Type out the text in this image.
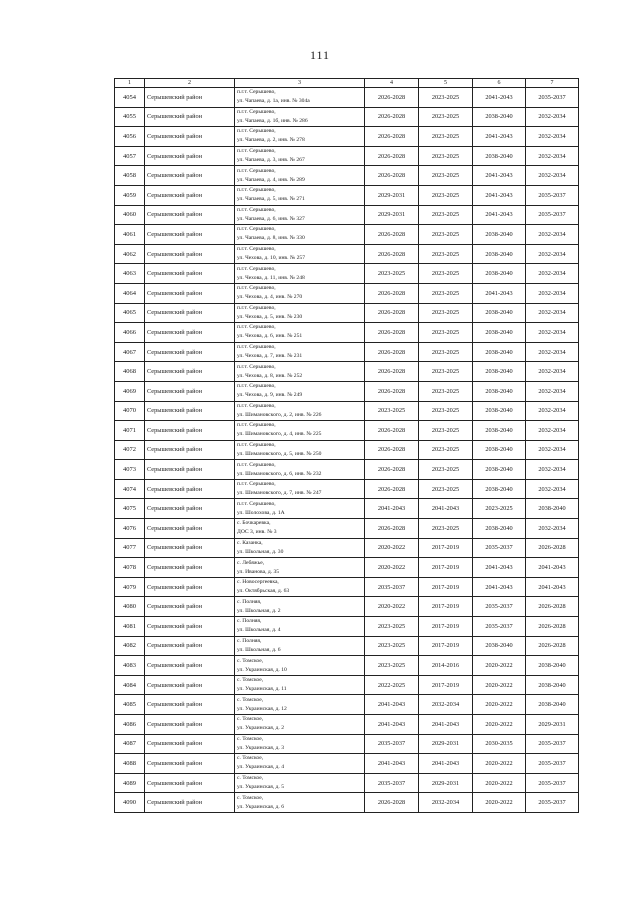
111
1	2	3	4	5	6	7
4054	Серышевский район	п.г.т. Серышево,
ул. Чапаева, д. 1а, инв. № 304а	2026-2028	2023-2025	2041-2043	2035-2037
4055	Серышевский район	п.г.т. Серышево,
ул. Чапаева, д. 1б, инв. № 286	2026-2028	2023-2025	2038-2040	2032-2034
4056	Серышевский район	п.г.т. Серышево,
ул. Чапаева, д. 2, инв. № 278	2026-2028	2023-2025	2041-2043	2032-2034
4057	Серышевский район	п.г.т. Серышево,
ул. Чапаева, д. 3, инв. № 267	2026-2028	2023-2025	2038-2040	2032-2034
4058	Серышевский район	п.г.т. Серышево,
ул. Чапаева, д. 4, инв. № 289	2026-2028	2023-2025	2041-2043	2032-2034
4059	Серышевский район	п.г.т. Серышево,
ул. Чапаева, д. 5, инв. № 271	2029-2031	2023-2025	2041-2043	2035-2037
4060	Серышевский район	п.г.т. Серышево,
ул. Чапаева, д. 6, инв. № 327	2029-2031	2023-2025	2041-2043	2035-2037
4061	Серышевский район	п.г.т. Серышево,
ул. Чапаева, д. 8, инв. № 330	2026-2028	2023-2025	2038-2040	2032-2034
4062	Серышевский район	п.г.т. Серышево,
ул. Чехова, д. 10, инв. № 257	2026-2028	2023-2025	2038-2040	2032-2034
4063	Серышевский район	п.г.т. Серышево,
ул. Чехова, д. 11, инв. № 248	2023-2025	2023-2025	2038-2040	2032-2034
4064	Серышевский район	п.г.т. Серышево,
ул. Чехова, д. 4, инв. № 270	2026-2028	2023-2025	2041-2043	2032-2034
4065	Серышевский район	п.г.т. Серышево,
ул. Чехова, д. 5, инв. № 230	2026-2028	2023-2025	2038-2040	2032-2034
4066	Серышевский район	п.г.т. Серышево,
ул. Чехова, д. 6, инв. № 251	2026-2028	2023-2025	2038-2040	2032-2034
4067	Серышевский район	п.г.т. Серышево,
ул. Чехова, д. 7, инв. № 231	2026-2028	2023-2025	2038-2040	2032-2034
4068	Серышевский район	п.г.т. Серышево,
ул. Чехова, д. 8, инв. № 252	2026-2028	2023-2025	2038-2040	2032-2034
4069	Серышевский район	п.г.т. Серышево,
ул. Чехова, д. 9, инв. № 249	2026-2028	2023-2025	2038-2040	2032-2034
4070	Серышевский район	п.г.т. Серышево,
ул. Шимановского, д. 2, инв. № 226	2023-2025	2023-2025	2038-2040	2032-2034
4071	Серышевский район	п.г.т. Серышево,
ул. Шимановского, д. 4, инв. № 225	2026-2028	2023-2025	2038-2040	2032-2034
4072	Серышевский район	п.г.т. Серышево,
ул. Шимановского, д. 5, инв. № 250	2026-2028	2023-2025	2038-2040	2032-2034
4073	Серышевский район	п.г.т. Серышево,
ул. Шимановского, д. 6, инв. № 232	2026-2028	2023-2025	2038-2040	2032-2034
4074	Серышевский район	п.г.т. Серышево,
ул. Шимановского, д. 7, инв. № 247	2026-2028	2023-2025	2038-2040	2032-2034
4075	Серышевский район	п.г.т. Серышево,
ул. Шолохова, д. 1А	2041-2043	2041-2043	2023-2025	2038-2040
4076	Серышевский район	с. Бочкаревка,
ДОС 3, инв. № 3	2026-2028	2023-2025	2038-2040	2032-2034
4077	Серышевский район	с. Казанка,
ул. Школьная, д. 30	2020-2022	2017-2019	2035-2037	2026-2028
4078	Серышевский район	с. Лебяжье,
ул. Иванова, д. 35	2020-2022	2017-2019	2041-2043	2041-2043
4079	Серышевский район	с. Новосергеевка,
ул. Октябрьская, д. 63	2035-2037	2017-2019	2041-2043	2041-2043
4080	Серышевский район	с. Полняя,
ул. Школьная, д. 2	2020-2022	2017-2019	2035-2037	2026-2028
4081	Серышевский район	с. Полняя,
ул. Школьная, д. 4	2023-2025	2017-2019	2035-2037	2026-2028
4082	Серышевский район	с. Полняя,
ул. Школьная, д. 6	2023-2025	2017-2019	2038-2040	2026-2028
4083	Серышевский район	с. Томское,
ул. Украинская, д. 10	2023-2025	2014-2016	2020-2022	2038-2040
4084	Серышевский район	с. Томское,
ул. Украинская, д. 11	2022-2025	2017-2019	2020-2022	2038-2040
4085	Серышевский район	с. Томское,
ул. Украинская, д. 12	2041-2043	2032-2034	2020-2022	2038-2040
4086	Серышевский район	с. Томское,
ул. Украинская, д. 2	2041-2043	2041-2043	2020-2022	2029-2031
4087	Серышевский район	с. Томское,
ул. Украинская, д. 3	2035-2037	2029-2031	2030-2035	2035-2037
4088	Серышевский район	с. Томское,
ул. Украинская, д. 4	2041-2043	2041-2043	2020-2022	2035-2037
4089	Серышевский район	с. Томское,
ул. Украинская, д. 5	2035-2037	2029-2031	2020-2022	2035-2037
4090	Серышевский район	с. Томское,
ул. Украинская, д. 6	2026-2028	2032-2034	2020-2022	2035-2037
